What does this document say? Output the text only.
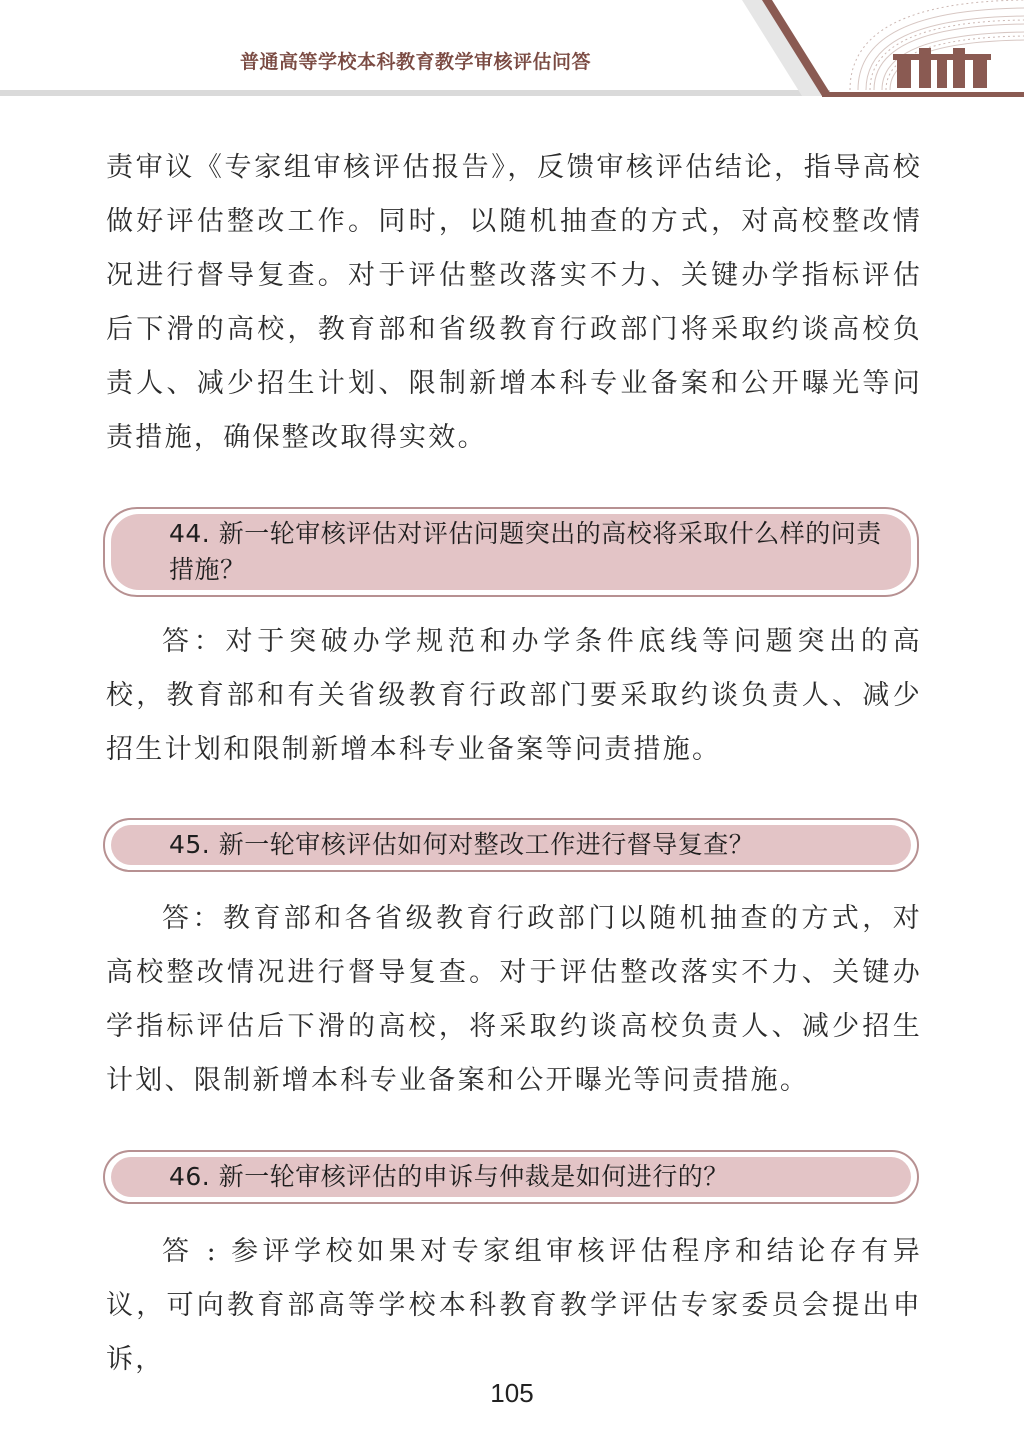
普通高等学校本科教育教学审核评估问答

责审议《专家组审核评估报告》，反馈审核评估结论，指导高校做好评估整改工作。同时，以随机抽查的方式，对高校整改情况进行督导复查。对于评估整改落实不力、关键办学指标评估后下滑的高校，教育部和省级教育行政部门将采取约谈高校负责人、减少招生计划、限制新增本科专业备案和公开曝光等问责措施，确保整改取得实效。

44. 新一轮审核评估对评估问题突出的高校将采取什么样的问责措施？

答：对于突破办学规范和办学条件底线等问题突出的高校，教育部和有关省级教育行政部门要采取约谈负责人、减少招生计划和限制新增本科专业备案等问责措施。

45. 新一轮审核评估如何对整改工作进行督导复查？

答：教育部和各省级教育行政部门以随机抽查的方式，对高校整改情况进行督导复查。对于评估整改落实不力、关键办学指标评估后下滑的高校，将采取约谈高校负责人、减少招生计划、限制新增本科专业备案和公开曝光等问责措施。

46. 新一轮审核评估的申诉与仲裁是如何进行的？

答 : 参评学校如果对专家组审核评估程序和结论存有异议，可向教育部高等学校本科教育教学评估专家委员会提出申诉，

105
